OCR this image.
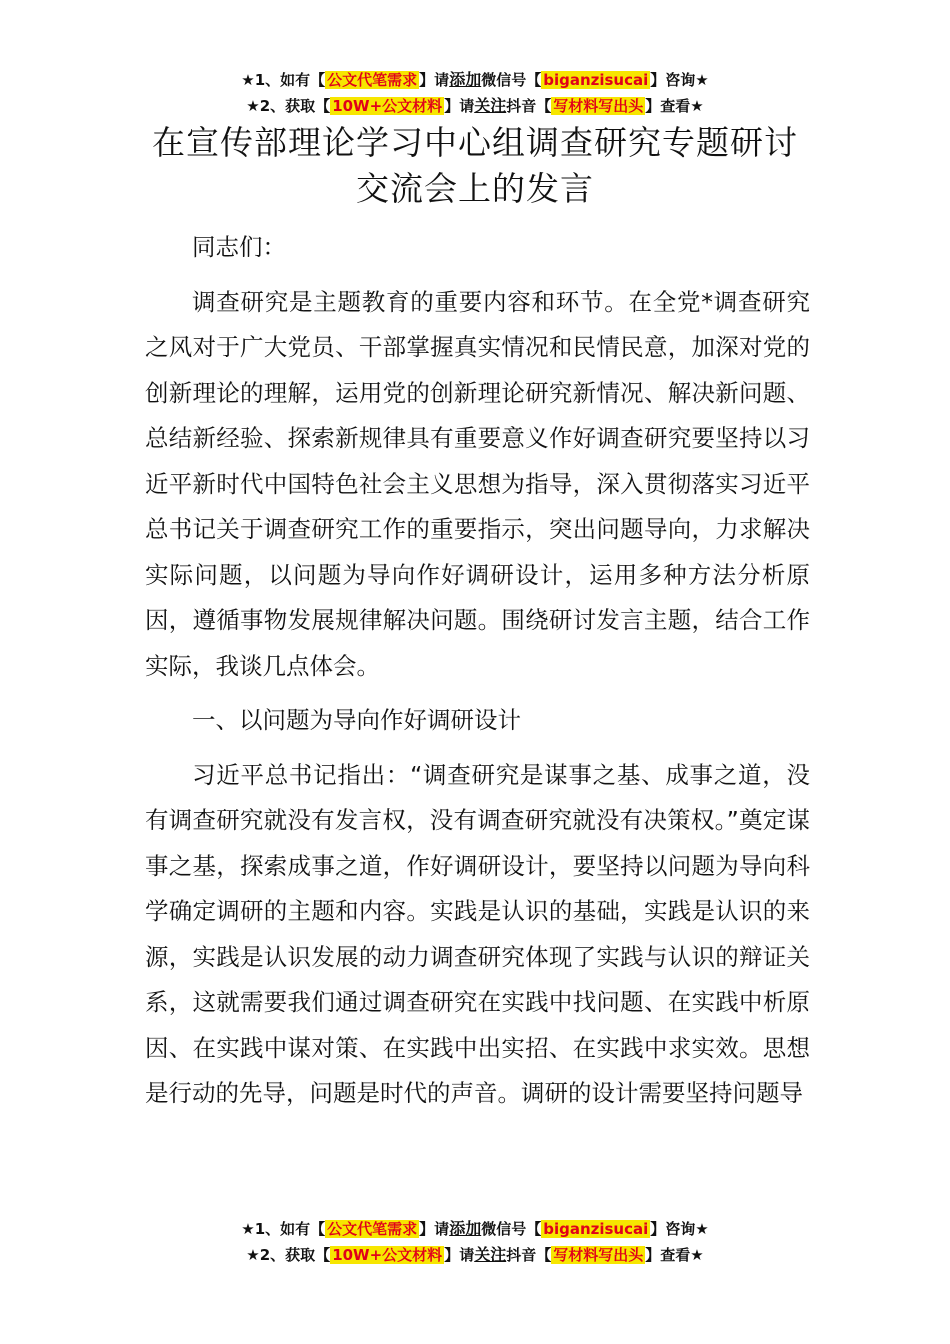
★1、如有【 公文代笔需求 】请添加微信号【 biganzisucai 】咨询★
★2、获取【 10W+公文材料 】请关注抖音【 写材料写出头 】查看★
在宣传部理论学习中心组调查研究专题研讨
交流会上的发言

同志们：

调查研究是主题教育的重要内容和环节。在全党*调查研究之风对于广大党员、干部掌握真实情况和民情民意，加深对党的创新理论的理解，运用党的创新理论研究新情况、解决新问题、总结新经验、探索新规律具有重要意义作好调查研究要坚持以习近平新时代中国特色社会主义思想为指导，深入贯彻落实习近平总书记关于调查研究工作的重要指示，突出问题导向，力求解决实际问题，以问题为导向作好调研设计，运用多种方法分析原因，遵循事物发展规律解决问题。围绕研讨发言主题，结合工作实际，我谈几点体会。

一、以问题为导向作好调研设计

习近平总书记指出：“调查研究是谋事之基、成事之道，没有调查研究就没有发言权，没有调查研究就没有决策权。”奠定谋事之基，探索成事之道，作好调研设计，要坚持以问题为导向科学确定调研的主题和内容。实践是认识的基础，实践是认识的来源，实践是认识发展的动力调查研究体现了实践与认识的辩证关系，这就需要我们通过调查研究在实践中找问题、在实践中析原因、在实践中谋对策、在实践中出实招、在实践中求实效。思想是行动的先导，问题是时代的声音。调研的设计需要坚持问题导

★1、如有【 公文代笔需求 】请添加微信号【 biganzisucai 】咨询★
★2、获取【 10W+公文材料 】请关注抖音【 写材料写出头 】查看★
